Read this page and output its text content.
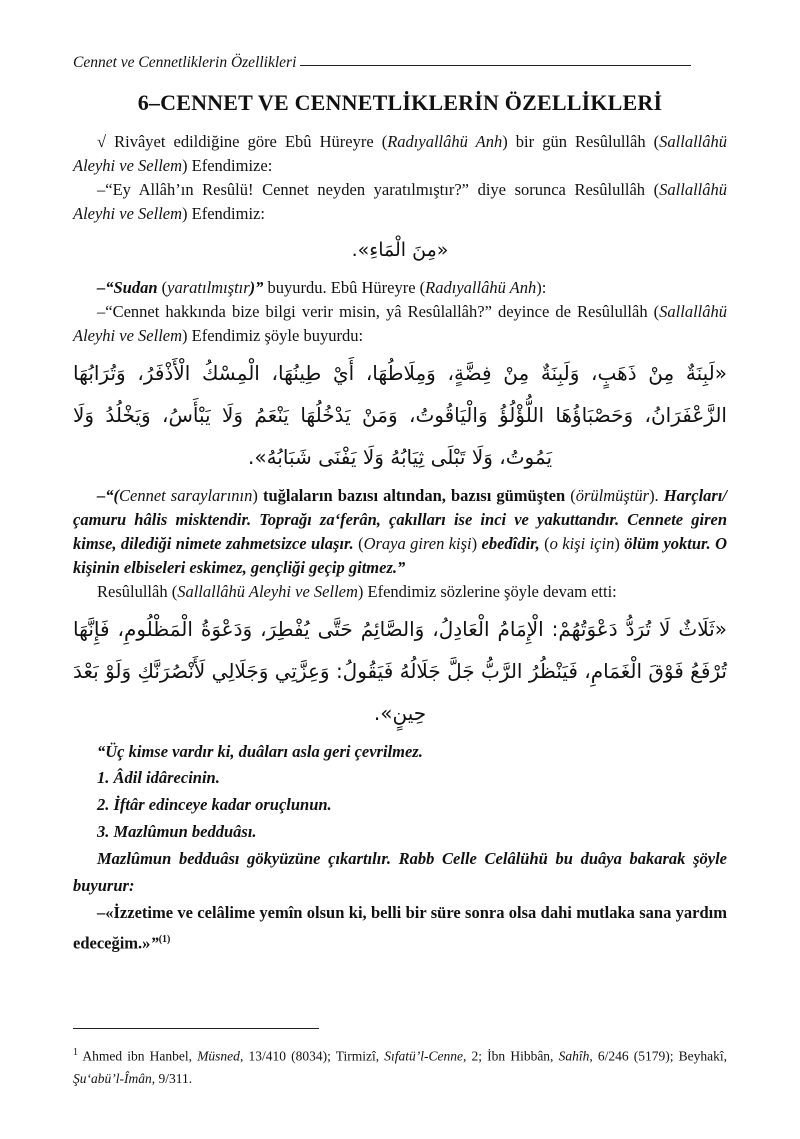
Cennet ve Cennetliklerin Özellikleri
6–CENNET VE CENNETLİKLERİN ÖZELLİKLERİ

√ Rivâyet edildiğine göre Ebû Hüreyre (Radıyallâhü Anh) bir gün Resûlullâh (Sallallâhü Aleyhi ve Sellem) Efendimize:

–“Ey Allâh’ın Resûlü! Cennet neyden yaratılmıştır?” diye sorunca Resûlullâh (Sallallâhü Aleyhi ve Sellem) Efendimiz:

«مِنَ الْمَاءِ».

–“Sudan (yaratılmıştır)” buyurdu. Ebû Hüreyre (Radıyallâhü Anh):

–“Cennet hakkında bize bilgi verir misin, yâ Resûlallâh?” deyince de Resûlullâh (Sallallâhü Aleyhi ve Sellem) Efendimiz şöyle buyurdu:

«لَبِنَةٌ مِنْ ذَهَبٍ، وَلَبِنَةٌ مِنْ فِضَّةٍ، وَمِلَاطُهَا، أَيْ طِينُهَا، الْمِسْكُ الْأَذْفَرُ، وَتُرَابُهَا الزَّعْفَرَانُ، وَحَصْبَاؤُهَا اللُّؤْلُؤُ وَالْيَاقُوتُ، وَمَنْ يَدْخُلُهَا يَنْعَمُ وَلَا يَبْأَسُ، وَيَخْلُدُ وَلَا يَمُوتُ، وَلَا تَبْلَى ثِيَابُهُ وَلَا يَفْنَى شَبَابُهُ».

–“(Cennet saraylarının) tuğlaların bazısı altından, bazısı gümüşten (örülmüştür). Harçları/çamuru hâlis misktendir. Toprağı za‘ferân, çakılları ise inci ve yakuttandır. Cennete giren kimse, dilediği nimete zahmetsizce ulaşır. (Oraya giren kişi) ebedîdir, (o kişi için) ölüm yoktur. O kişinin elbiseleri eskimez, gençliği geçip gitmez.”

Resûlullâh (Sallallâhü Aleyhi ve Sellem) Efendimiz sözlerine şöyle devam etti:

«ثَلَاثٌ لَا تُرَدُّ دَعْوَتُهُمْ: الْإِمَامُ الْعَادِلُ، وَالصَّائِمُ حَتَّى يُفْطِرَ، وَدَعْوَةُ الْمَظْلُومِ، فَإِنَّهَا تُرْفَعُ فَوْقَ الْغَمَامِ، فَيَنْظُرُ الرَّبُّ جَلَّ جَلَالُهُ فَيَقُولُ: وَعِزَّتِي وَجَلَالِي لَأَنْصُرَنَّكِ وَلَوْ بَعْدَ حِينٍ».

“Üç kimse vardır ki, duâları asla geri çevrilmez.

1. Âdil idârecinin.

2. İftâr edinceye kadar oruçlunun.

3. Mazlûmun bedduâsı.

Mazlûmun bedduâsı gökyüzüne çıkartılır. Rabb Celle Celâlühü bu duâya bakarak şöyle buyurur:

–«İzzetime ve celâlime yemîn olsun ki, belli bir süre sonra olsa dahi mutlaka sana yardım edeceğim.»”$^{(1)}$

$^1$ Ahmed ibn Hanbel, Müsned, 13/410 (8034); Tirmizî, Sıfatü’l-Cenne, 2; İbn Hibbân, Sahîh, 6/246 (5179); Beyhakî, Şu‘abü’l-Îmân, 9/311.
